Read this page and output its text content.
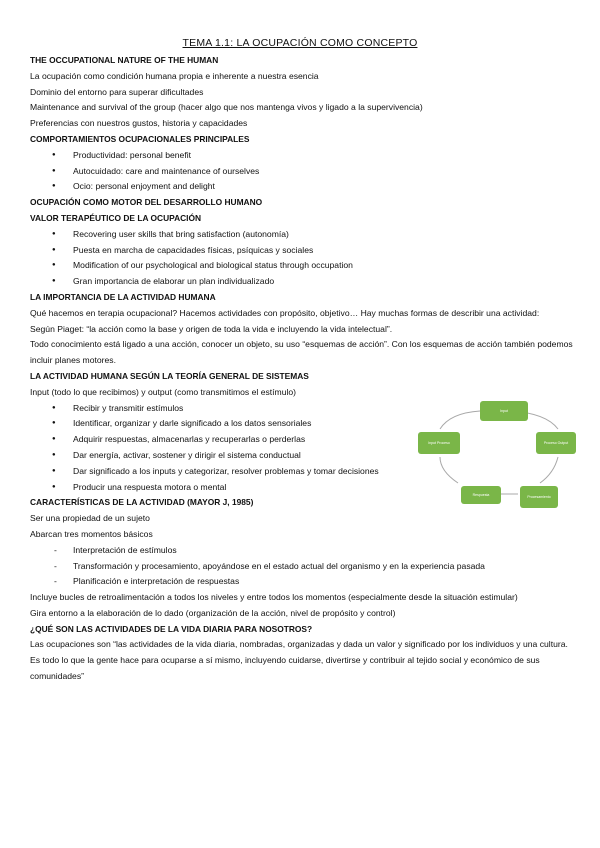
TEMA 1.1: LA OCUPACIÓN COMO CONCEPTO
THE OCCUPATIONAL NATURE OF THE HUMAN
La ocupación como condición humana propia e inherente a nuestra esencia
Dominio del entorno para superar dificultades
Maintenance and survival of the group (hacer algo que nos mantenga vivos y ligado a la supervivencia)
Preferencias con nuestros gustos, historia y capacidades
COMPORTAMIENTOS OCUPACIONALES PRINCIPALES
● Productividad: personal benefit
● Autocuidado: care and maintenance of ourselves
● Ocio: personal enjoyment and delight
OCUPACIÓN COMO MOTOR DEL DESARROLLO HUMANO
VALOR TERAPÉUTICO DE LA OCUPACIÓN
● Recovering user skills that bring satisfaction (autonomía)
● Puesta en marcha de capacidades físicas, psíquicas y sociales
● Modification of our psychological and biological status through occupation
● Gran importancia de elaborar un plan individualizado
LA IMPORTANCIA DE LA ACTIVIDAD HUMANA
Qué hacemos en terapia ocupacional? Hacemos actividades con propósito, objetivo… Hay muchas formas de describir una actividad:
Según Piaget: “la acción como la base y origen de toda la vida e incluyendo la vida intelectual”.
Todo conocimiento está ligado a una acción, conocer un objeto, su uso “esquemas de acción”. Con los esquemas de acción también podemos incluir planes motores.
LA ACTIVIDAD HUMANA SEGÚN LA TEORÍA GENERAL DE SISTEMAS
Input (todo lo que recibimos) y output (como transmitimos el estímulo)
● Recibir y transmitir estímulos
● Identificar, organizar y darle significado a los datos sensoriales
● Adquirir respuestas, almacenarlas y recuperarlas o perderlas
● Dar energía, activar, sostener y dirigir el sistema conductual
● Dar significado a los inputs y categorizar, resolver problemas y tomar decisiones
● Producir una respuesta motora o mental
CARACTERÍSTICAS DE LA ACTIVIDAD (MAYOR J, 1985)
Ser una propiedad de un sujeto
Abarcan tres momentos básicos
- Interpretación de estímulos
- Transformación y procesamiento, apoyándose en el estado actual del organismo y en la experiencia pasada
- Planificación e interpretación de respuestas
Incluye bucles de retroalimentación a todos los niveles y entre todos los momentos (especialmente desde la situación estimular)
Gira entorno a la elaboración de lo dado (organización de la acción, nivel de propósito y control)
¿QUÉ SON LAS ACTIVIDADES DE LA VIDA DIARIA PARA NOSOTROS?
Las ocupaciones son “las actividades de la vida diaria, nombradas, organizadas y dada un valor y significado por los individuos y una cultura. Es todo lo que la gente hace para ocuparse a sí mismo, incluyendo cuidarse, divertirse y contribuir al tejido social y económico de sus comunidades”
Input
Input Proceso	Proceso Output
Procesamiento
Respuesta
